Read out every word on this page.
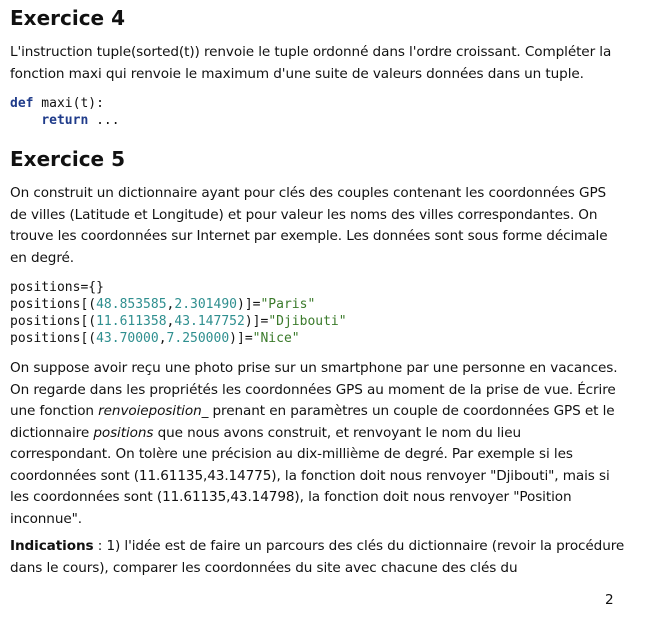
Exercice 4

L'instruction tuple(sorted(t)) renvoie le tuple ordonné dans l'ordre croissant. Compléter la fonction maxi qui renvoie le maximum d'une suite de valeurs données dans un tuple.

def maxi(t):
return ...
Exercice 5

On construit un dictionnaire ayant pour clés des couples contenant les coordonnées GPS de villes (Latitude et Longitude) et pour valeur les noms des villes correspondantes. On trouve les coordonnées sur Internet par exemple. Les données sont sous forme décimale en degré.

positions={}
positions[(48.853585,2.301490)]="Paris"
positions[(11.611358,43.147752)]="Djibouti"
positions[(43.70000,7.250000)]="Nice"

On suppose avoir reçu une photo prise sur un smartphone par une personne en vacances. On regarde dans les propriétés les coordonnées GPS au moment de la prise de vue. Écrire une fonction renvoieposition_ prenant en paramètres un couple de coordonnées GPS et le dictionnaire positions que nous avons construit, et renvoyant le nom du lieu correspondant. On tolère une précision au dix-millième de degré. Par exemple si les coordonnées sont (11.61135,43.14775), la fonction doit nous renvoyer "Djibouti", mais si les coordonnées sont (11.61135,43.14798), la fonction doit nous renvoyer "Position inconnue".

Indications : 1) l'idée est de faire un parcours des clés du dictionnaire (revoir la procédure dans le cours), comparer les coordonnées du site avec chacune des clés du

2
